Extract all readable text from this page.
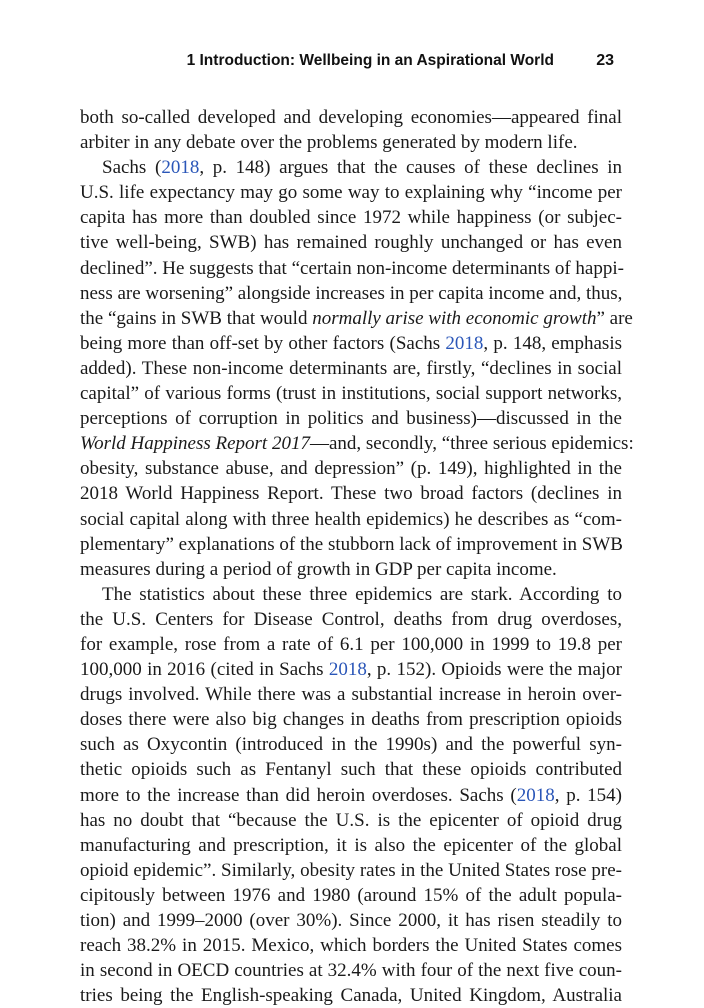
1 Introduction: Wellbeing in an Aspirational World	23
both so-called developed and developing economies—appeared final
arbiter in any debate over the problems generated by modern life.
Sachs (2018, p. 148) argues that the causes of these declines in
U.S. life expectancy may go some way to explaining why “income per
capita has more than doubled since 1972 while happiness (or subjec-
tive well-being, SWB) has remained roughly unchanged or has even
declined”. He suggests that “certain non-income determinants of happi-
ness are worsening” alongside increases in per capita income and, thus,
the “gains in SWB that would normally arise with economic growth” are
being more than off-set by other factors (Sachs 2018, p. 148, emphasis
added). These non-income determinants are, firstly, “declines in social
capital” of various forms (trust in institutions, social support networks,
perceptions of corruption in politics and business)—discussed in the
World Happiness Report 2017—and, secondly, “three serious epidemics:
obesity, substance abuse, and depression” (p. 149), highlighted in the
2018 World Happiness Report. These two broad factors (declines in
social capital along with three health epidemics) he describes as “com-
plementary” explanations of the stubborn lack of improvement in SWB
measures during a period of growth in GDP per capita income.
The statistics about these three epidemics are stark. According to
the U.S. Centers for Disease Control, deaths from drug overdoses,
for example, rose from a rate of 6.1 per 100,000 in 1999 to 19.8 per
100,000 in 2016 (cited in Sachs 2018, p. 152). Opioids were the major
drugs involved. While there was a substantial increase in heroin over-
doses there were also big changes in deaths from prescription opioids
such as Oxycontin (introduced in the 1990s) and the powerful syn-
thetic opioids such as Fentanyl such that these opioids contributed
more to the increase than did heroin overdoses. Sachs (2018, p. 154)
has no doubt that “because the U.S. is the epicenter of opioid drug
manufacturing and prescription, it is also the epicenter of the global
opioid epidemic”. Similarly, obesity rates in the United States rose pre-
cipitously between 1976 and 1980 (around 15% of the adult popula-
tion) and 1999–2000 (over 30%). Since 2000, it has risen steadily to
reach 38.2% in 2015. Mexico, which borders the United States comes
in second in OECD countries at 32.4% with four of the next five coun-
tries being the English-speaking Canada, United Kingdom, Australia
